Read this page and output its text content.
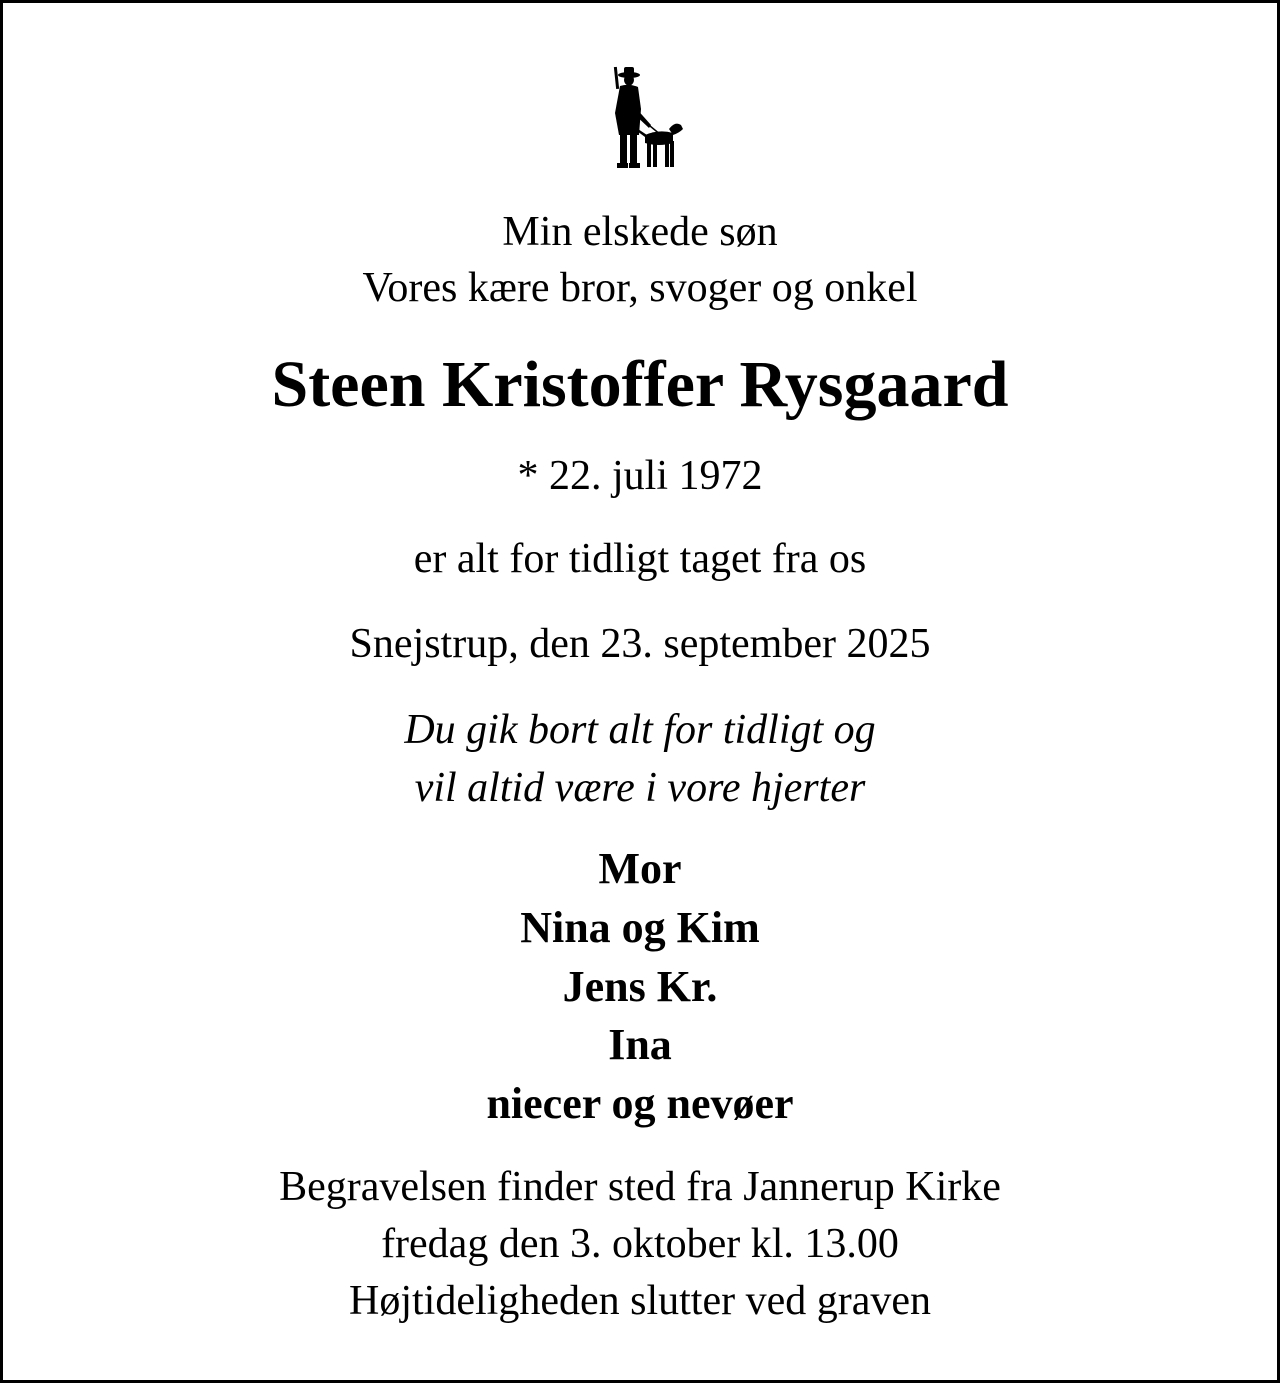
Min elskede søn
Vores kære bror, svoger og onkel
Steen Kristoffer Rysgaard
* 22. juli 1972
er alt for tidligt taget fra os
Snejstrup, den 23. september 2025
Du gik bort alt for tidligt og
vil altid være i vore hjerter
Mor
Nina og Kim
Jens Kr.
Ina
niecer og nevøer
Begravelsen finder sted fra Jannerup Kirke
fredag den 3. oktober kl. 13.00
Højtideligheden slutter ved graven
